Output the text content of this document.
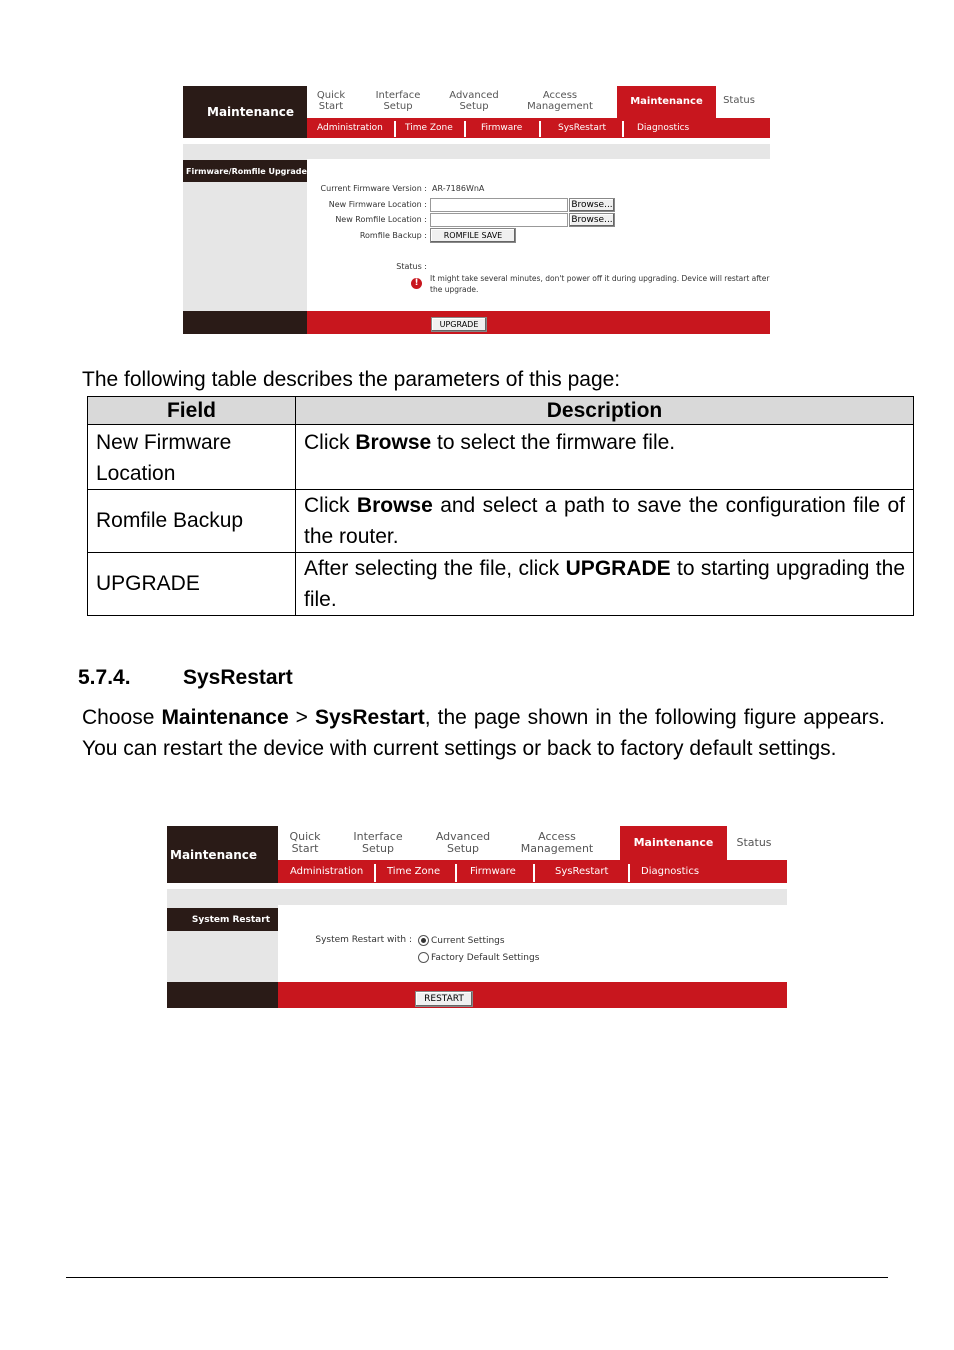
Maintenance
Quick
Start
Interface
Setup
Advanced
Setup
Access
Management	Maintenance	Status
Administration Time Zone	Firmware	SysRestart	Diagnostics
Firmware/Romfile Upgrade
Current Firmware Version : AR-7186WnA
New Firmware Location :	Browse...
New Romfile Location :	Browse...
Romfile Backup :	ROMFILE SAVE
Status :
!	It might take several minutes, don't power off it during upgrading. Device will restart after
the upgrade.
UPGRADE
The following table describes the parameters of this page:
Field	Description

New Firmware
Location	Click Browse to select the firmware file.
Romfile Backup	Click Browse and select a path to save the configuration file of the router.
UPGRADE	After selecting the file, click UPGRADE to starting upgrading the file.
5.7.4. SysRestart
Choose Maintenance > SysRestart, the page shown in the following figure appears. You can restart the device with current settings or back to factory default settings.
Maintenance
Quick
Start
Interface
Setup
Advanced
Setup
Access
Management	Maintenance	Status
Administration Time Zone	Firmware	SysRestart	Diagnostics
System Restart
System Restart with : Current Settings
Factory Default Settings
RESTART
